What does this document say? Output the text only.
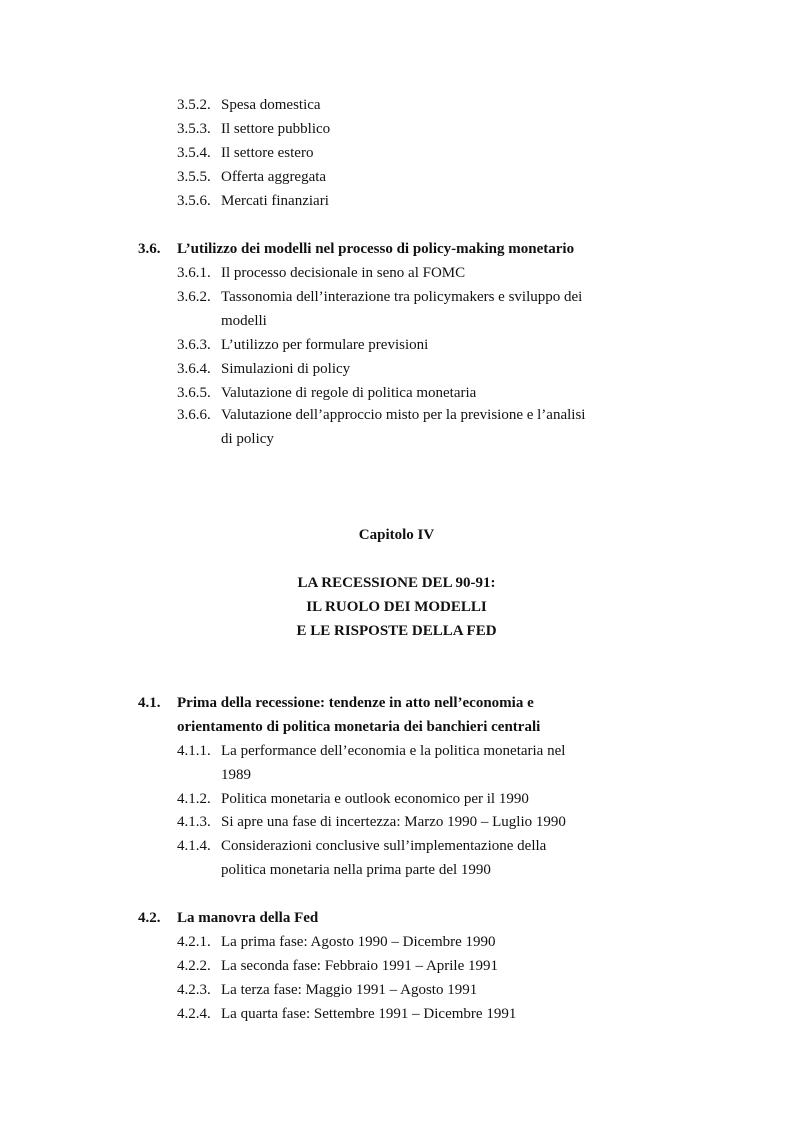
3.5.2. Spesa domestica
3.5.3. Il settore pubblico
3.5.4. Il settore estero
3.5.5. Offerta aggregata
3.5.6. Mercati finanziari
3.6. L’utilizzo dei modelli nel processo di policy-making monetario
3.6.1. Il processo decisionale in seno al FOMC
3.6.2. Tassonomia dell’interazione tra policymakers e sviluppo dei
modelli
3.6.3. L’utilizzo per formulare previsioni
3.6.4. Simulazioni di policy
3.6.5. Valutazione di regole di politica monetaria
3.6.6. Valutazione dell’approccio misto per la previsione e l’analisi
di policy
Capitolo IV
LA RECESSIONE DEL 90-91:
IL RUOLO DEI MODELLI
E LE RISPOSTE DELLA FED
4.1. Prima della recessione: tendenze in atto nell’economia e
orientamento di politica monetaria dei banchieri centrali
4.1.1. La performance dell’economia e la politica monetaria nel
1989
4.1.2. Politica monetaria e outlook economico per il 1990
4.1.3. Si apre una fase di incertezza: Marzo 1990 – Luglio 1990
4.1.4. Considerazioni conclusive sull’implementazione della
politica monetaria nella prima parte del 1990
4.2. La manovra della Fed
4.2.1. La prima fase: Agosto 1990 – Dicembre 1990
4.2.2. La seconda fase: Febbraio 1991 – Aprile 1991
4.2.3. La terza fase: Maggio 1991 – Agosto 1991
4.2.4. La quarta fase: Settembre 1991 – Dicembre 1991
